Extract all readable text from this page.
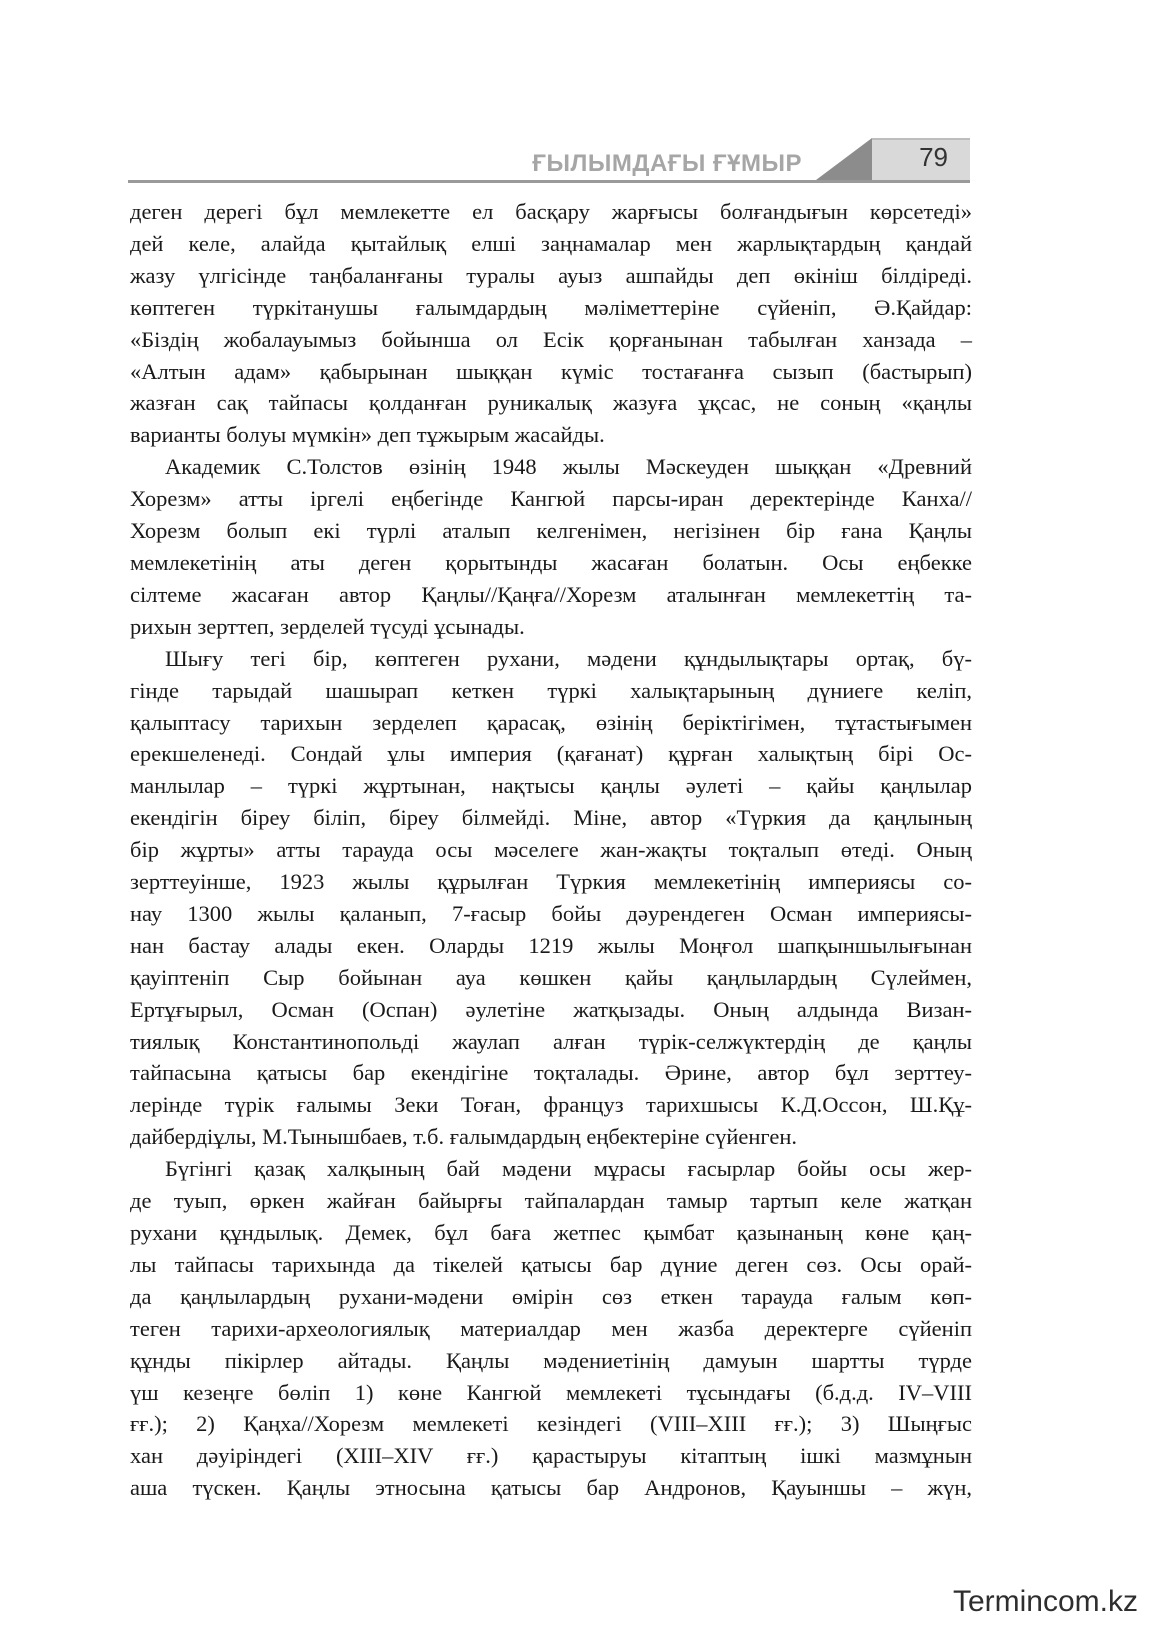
ҒЫЛЫМДАҒЫ ҒҰМЫР	79

деген дерегі бұл мемлекетте ел басқару жарғысы болғандығын көрсетеді»
дей келе, алайда қытайлық елші заңнамалар мен жарлықтардың қандай
жазу үлгісінде таңбаланғаны туралы ауыз ашпайды деп өкініш білдіреді.
көптеген түркітанушы ғалымдардың мәліметтеріне сүйеніп, Ә.Қайдар:
«Біздің жобалауымыз бойынша ол Есік қорғанынан табылған ханзада –
«Алтын адам» қабырынан шыққан күміс тостағанға сызып (бастырып)
жазған сақ тайпасы қолданған руникалық жазуға ұқсас, не соның «қаңлы
варианты болуы мүмкін» деп тұжырым жасайды.

Академик С.Толстов өзінің 1948 жылы Мәскеуден шыққан «Древний
Хорезм» атты іргелі еңбегінде Кангюй парсы-иран деректерінде Канха//
Хорезм болып екі түрлі аталып келгенімен, негізінен бір ғана Қаңлы
мемлекетінің аты деген қорытынды жасаған болатын. Осы еңбекке
сілтеме жасаған автор Қаңлы//Қаңға//Хорезм аталынған мемлекеттің та-
рихын зерттеп, зерделей түсуді ұсынады.

Шығу тегі бір, көптеген рухани, мәдени құндылықтары ортақ, бү-
гінде тарыдай шашырап кеткен түркі халықтарының дүниеге келіп,
қалыптасу тарихын зерделеп қарасақ, өзінің беріктігімен, тұтастығымен
ерекшеленеді. Сондай ұлы империя (қағанат) құрған халықтың бірі Ос-
манлылар – түркі жұртынан, нақтысы қаңлы әулеті – қайы қаңлылар
екендігін біреу біліп, біреу білмейді. Міне, автор «Түркия да қаңлының
бір жұрты» атты тарауда осы мәселеге жан-жақты тоқталып өтеді. Оның
зерттеуінше, 1923 жылы құрылған Түркия мемлекетінің империясы со-
нау 1300 жылы қаланып, 7-ғасыр бойы дәурендеген Осман империясы-
нан бастау алады екен. Оларды 1219 жылы Моңғол шапқыншылығынан
қауіптеніп Сыр бойынан ауа көшкен қайы қаңлылардың Сүлеймен,
Ертұғырыл, Осман (Оспан) әулетіне жатқызады. Оның алдында Визан-
тиялық Константинопольді жаулап алған түрік-селжүктердің де қаңлы
тайпасына қатысы бар екендігіне тоқталады. Әрине, автор бұл зерттеу-
лерінде түрік ғалымы Зеки Тоған, француз тарихшысы К.Д.Оссон, Ш.Құ-
дайбердіұлы, М.Тынышбаев, т.б. ғалымдардың еңбектеріне сүйенген.

Бүгінгі қазақ халқының бай мәдени мұрасы ғасырлар бойы осы жер-
де туып, өркен жайған байырғы тайпалардан тамыр тартып келе жатқан
рухани құндылық. Демек, бұл баға жетпес қымбат қазынаның көне қаң-
лы тайпасы тарихында да тікелей қатысы бар дүние деген сөз. Осы орай-
да қаңлылардың рухани-мәдени өмірін сөз еткен тарауда ғалым көп-
теген тарихи-археологиялық материалдар мен жазба деректерге сүйеніп
құнды пікірлер айтады. Қаңлы мәдениетінің дамуын шартты түрде
үш кезеңге бөліп 1) көне Кангюй мемлекеті тұсындағы (б.д.д. IV–VIII
ғғ.); 2) Қаңха//Хорезм мемлекеті кезіндегі (VIII–XIII ғғ.); 3) Шыңғыс
хан дәуіріндегі (XIII–XIV ғғ.) қарастыруы кітаптың ішкі мазмұнын
аша түскен. Қаңлы этносына қатысы бар Андронов, Қауыншы – жүн,

Termincom.kz
